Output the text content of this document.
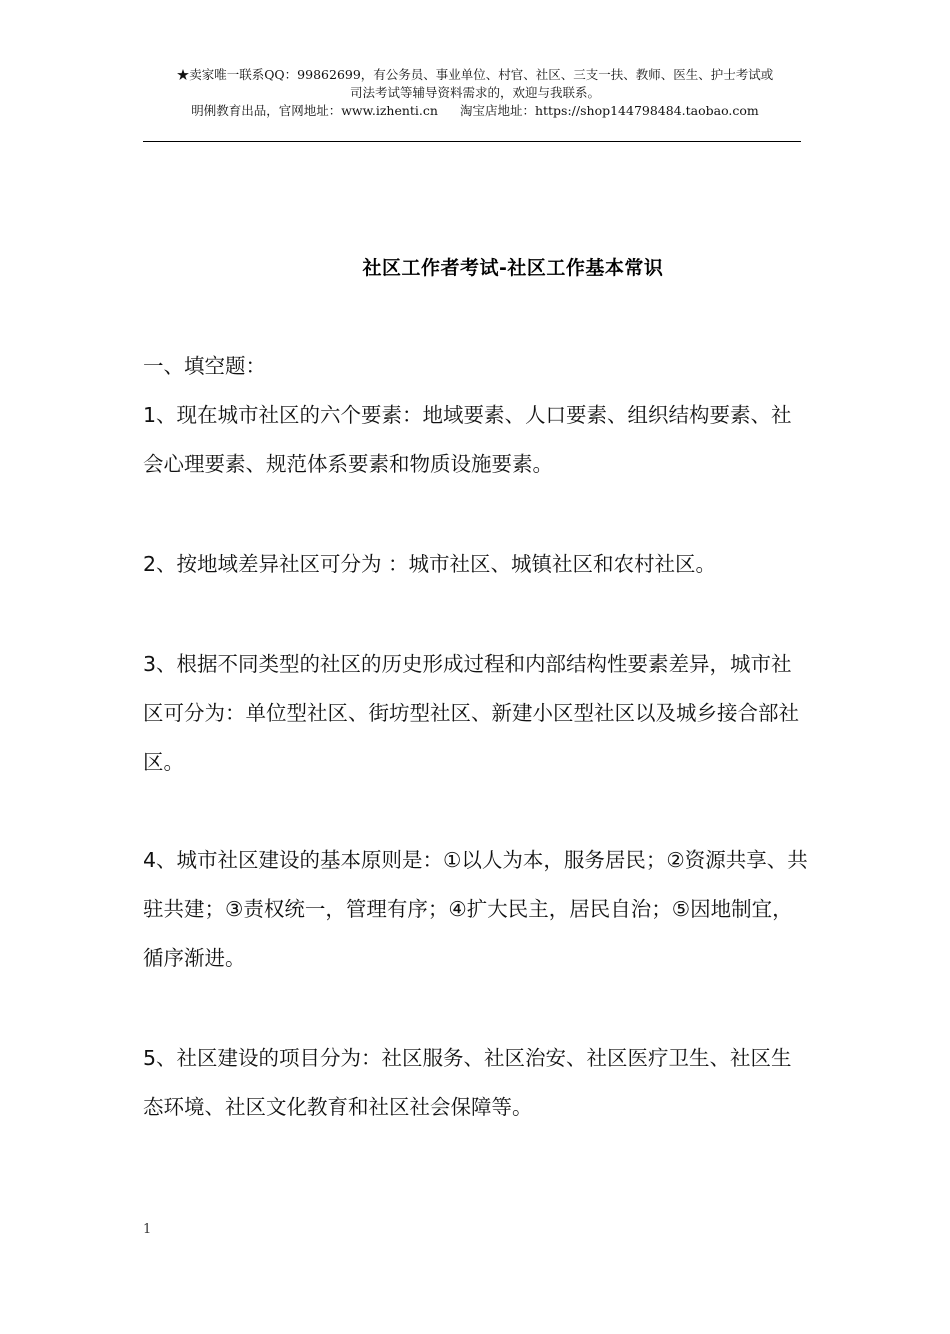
★卖家唯一联系QQ：99862699，有公务员、事业单位、村官、社区、三支一扶、教师、医生、护士考试或
司法考试等辅导资料需求的，欢迎与我联系。
明俐教育出品，官网地址：www.izhenti.cn 淘宝店地址：https://shop144798484.taobao.com
社区工作者考试-社区工作基本常识
一、填空题：
1、现在城市社区的六个要素：地域要素、人口要素、组织结构要素、社会心理要素、规范体系要素和物质设施要素。
2、按地域差异社区可分为 ：城市社区、城镇社区和农村社区。
3、根据不同类型的社区的历史形成过程和内部结构性要素差异，城市社区可分为：单位型社区、街坊型社区、新建小区型社区以及城乡接合部社区。
4、城市社区建设的基本原则是：①以人为本，服务居民；②资源共享、共驻共建；③责权统一，管理有序；④扩大民主，居民自治；⑤因地制宜，循序渐进。
5、社区建设的项目分为：社区服务、社区治安、社区医疗卫生、社区生态环境、社区文化教育和社区社会保障等。
1
